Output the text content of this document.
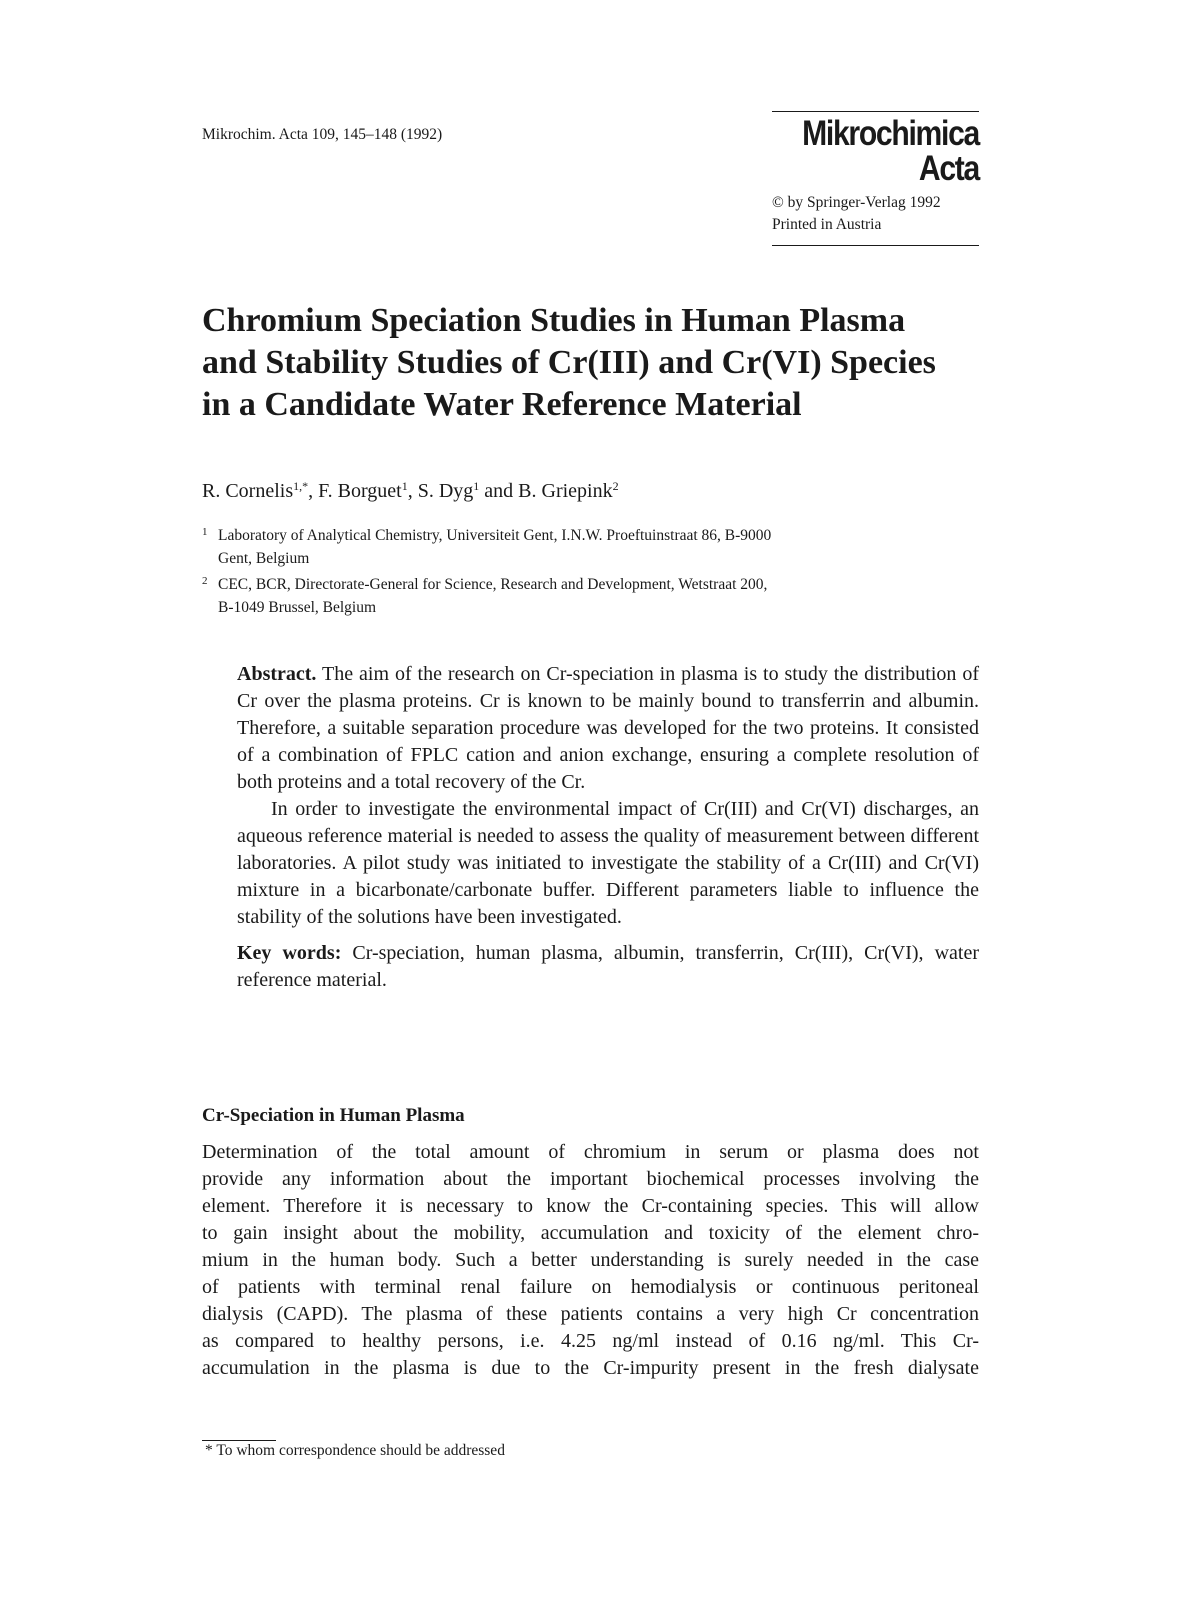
Mikrochim. Acta 109, 145–148 (1992)	Mikrochimica
Acta
© by Springer-Verlag 1992
Printed in Austria
Chromium Speciation Studies in Human Plasma
and Stability Studies of Cr(III) and Cr(VI) Species
in a Candidate Water Reference Material
R. Cornelis$^{1,*}$, F. Borguet$^1$, S. Dyg$^1$ and B. Griepink$^2$
1 Laboratory of Analytical Chemistry, Universiteit Gent, I.N.W. Proeftuinstraat 86, B-9000
Gent, Belgium
2 CEC, BCR, Directorate-General for Science, Research and Development, Wetstraat 200,
B-1049 Brussel, Belgium

Abstract. The aim of the research on Cr-speciation in plasma is to study the distribution of Cr over the plasma proteins. Cr is known to be mainly bound to transferrin and albumin. Therefore, a suitable separation procedure was developed for the two proteins. It consisted of a combination of FPLC cation and anion exchange, ensuring a complete resolution of both proteins and a total recovery of the Cr.

In order to investigate the environmental impact of Cr(III) and Cr(VI) discharges, an aqueous reference material is needed to assess the quality of measurement between different laboratories. A pilot study was initiated to investigate the stability of a Cr(III) and Cr(VI) mixture in a bicarbonate/carbonate buffer. Different parameters liable to influence the stability of the solutions have been investigated.

Key words: Cr-speciation, human plasma, albumin, transferrin, Cr(III), Cr(VI), water reference material.

Cr-Speciation in Human Plasma
Determination of the total amount of chromium in serum or plasma does not
provide any information about the important biochemical processes involving the
element. Therefore it is necessary to know the Cr-containing species. This will allow
to gain insight about the mobility, accumulation and toxicity of the element chro-
mium in the human body. Such a better understanding is surely needed in the case
of patients with terminal renal failure on hemodialysis or continuous peritoneal
dialysis (CAPD). The plasma of these patients contains a very high Cr concentration
as compared to healthy persons, i.e. 4.25 ng/ml instead of 0.16 ng/ml. This Cr-
accumulation in the plasma is due to the Cr-impurity present in the fresh dialysate
* To whom correspondence should be addressed
